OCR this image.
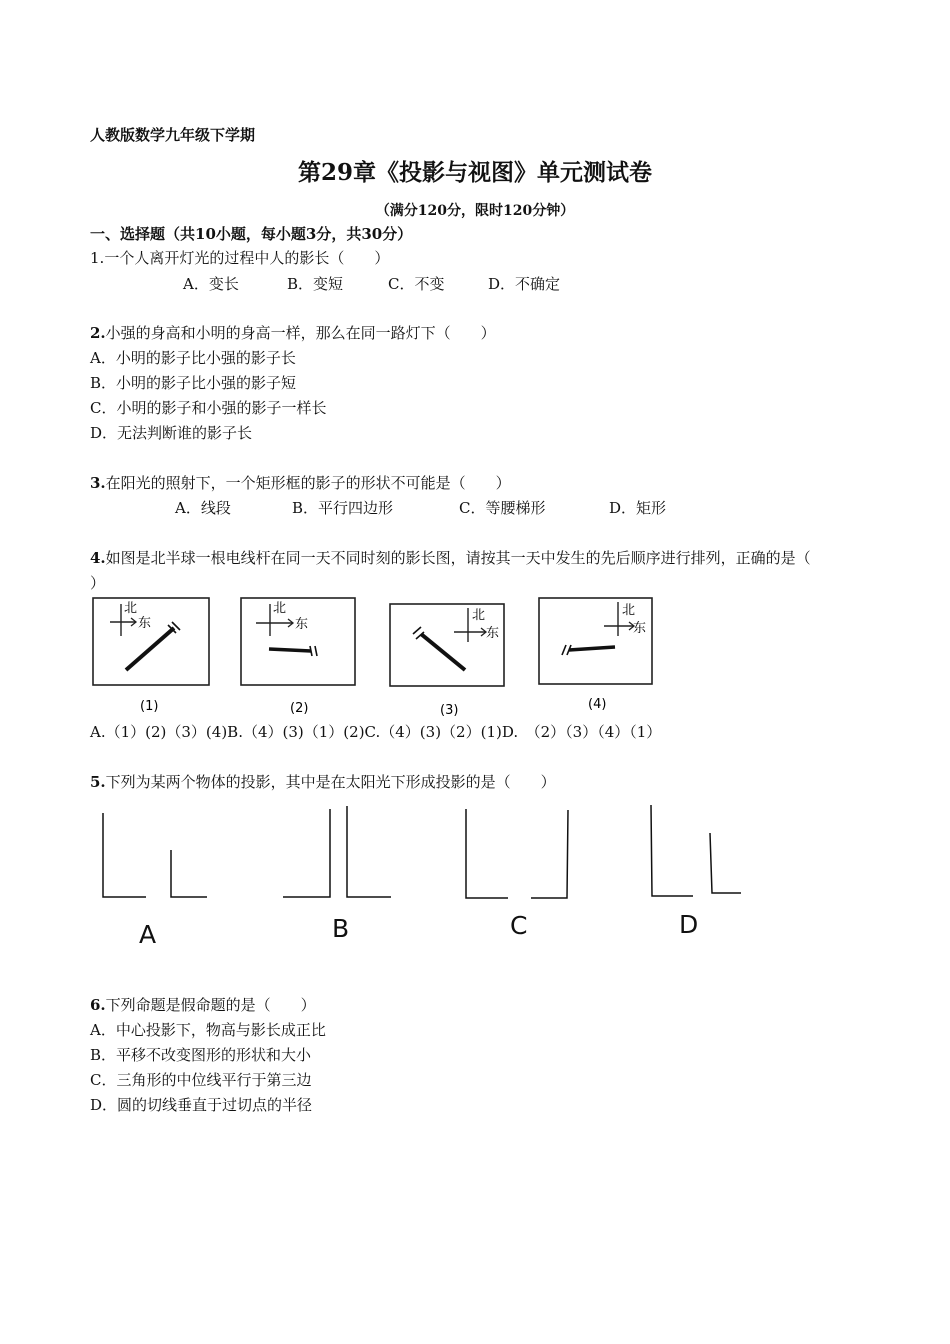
人教版数学九年级下学期
第29章《投影与视图》单元测试卷
（满分120分，限时120分钟）
一、选择题（共10小题，每小题3分，共30分）
1.一个人离开灯光的过程中人的影长（　　）
A．变长	B．变短	C．不变	D．不确定
2.小强的身高和小明的身高一样，那么在同一路灯下（　　）
A．小明的影子比小强的影子长
B．小明的影子比小强的影子短
C．小明的影子和小强的影子一样长
D．无法判断谁的影子长
3.在阳光的照射下，一个矩形框的影子的形状不可能是（　　）
A．线段	B．平行四边形	C．等腰梯形	D．矩形
4.如图是北半球一根电线杆在同一天不同时刻的影长图，请按其一天中发生的先后顺序进行排列，正确的是（
）
北
东
(1)
北
东
(2)
北
东
(3)
北
东
(4)
A.（1）(2)（3）(4)B.（4）(3)（1）(2)C.（4）(3)（2）(1)D.　（2）（3）（4）（1）
5.下列为某两个物体的投影，其中是在太阳光下形成投影的是（　　）
A	B	C	D
6.下列命题是假命题的是（　　）
A．中心投影下，物高与影长成正比
B．平移不改变图形的形状和大小
C．三角形的中位线平行于第三边
D．圆的切线垂直于过切点的半径
